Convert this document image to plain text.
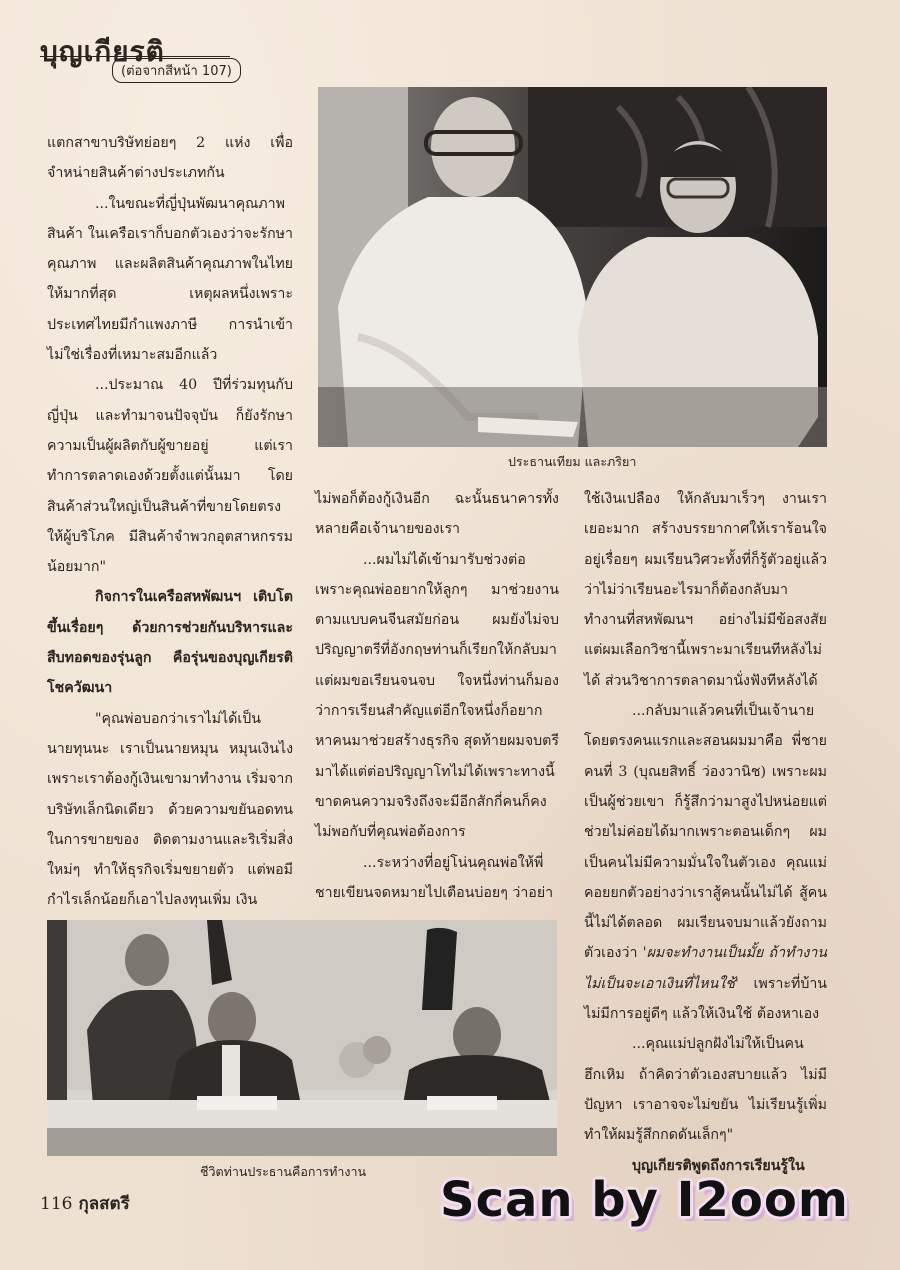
บุญเกียรติ
(ต่อจากสีหน้า 107)
ประธานเทียม และภริยา

แตกสาขาบริษัทย่อยๆ 2 แห่ง เพื่อจำหน่ายสินค้าต่างประเภทกัน

...ในขณะที่ญี่ปุ่นพัฒนาคุณภาพสินค้า ในเครือเราก็บอกตัวเองว่าจะรักษาคุณภาพ และผลิตสินค้าคุณภาพในไทยให้มากที่สุด เหตุผลหนึ่งเพราะประเทศไทยมีกำแพงภาษี การนำเข้าไม่ใช่เรื่องที่เหมาะสมอีกแล้ว

...ประมาณ 40 ปีที่ร่วมทุนกับญี่ปุ่น และทำมาจนปัจจุบัน ก็ยังรักษาความเป็นผู้ผลิตกับผู้ขายอยู่ แต่เราทำการตลาดเองด้วยตั้งแต่นั้นมา โดยสินค้าส่วนใหญ่เป็นสินค้าที่ขายโดยตรงให้ผู้บริโภค มีสินค้าจำพวกอุตสาหกรรมน้อยมาก"

กิจการในเครือสหพัฒนฯ เติบโตขึ้นเรื่อยๆ ด้วยการช่วยกันบริหารและสืบทอดของรุ่นลูก คือรุ่นของบุญเกียรติ โชควัฒนา

"คุณพ่อบอกว่าเราไม่ได้เป็นนายทุนนะ เราเป็นนายหมุน หมุนเงินไง เพราะเราต้องกู้เงินเขามาทำงาน เริ่มจากบริษัทเล็กนิดเดียว ด้วยความขยันอดทนในการขายของ ติดตามงานและริเริ่มสิ่งใหม่ๆ ทำให้ธุรกิจเริ่มขยายตัว แต่พอมีกำไรเล็กน้อยก็เอาไปลงทุนเพิ่ม เงิน

ไม่พอก็ต้องกู้เงินอีก ฉะนั้นธนาคารทั้งหลายคือเจ้านายของเรา

...ผมไม่ได้เข้ามารับช่วงต่อเพราะคุณพ่ออยากให้ลูกๆ มาช่วยงานตามแบบคนจีนสมัยก่อน ผมยังไม่จบปริญญาตรีที่อังกฤษท่านก็เรียกให้กลับมา แต่ผมขอเรียนจนจบ ใจหนึ่งท่านก็มองว่าการเรียนสำคัญแต่อีกใจหนึ่งก็อยากหาคนมาช่วยสร้างธุรกิจ สุดท้ายผมจบตรีมาได้แต่ต่อปริญญาโทไม่ได้เพราะทางนี้ขาดคนความจริงถึงจะมีอีกสักกี่คนก็คงไม่พอกับที่คุณพ่อต้องการ

...ระหว่างที่อยู่โน่นคุณพ่อให้พี่ชายเขียนจดหมายไปเตือนบ่อยๆ ว่าอย่า

ใช้เงินเปลือง ให้กลับมาเร็วๆ งานเราเยอะมาก สร้างบรรยากาศให้เราร้อนใจอยู่เรื่อยๆ ผมเรียนวิศวะทั้งที่ก็รู้ตัวอยู่แล้วว่าไม่ว่าเรียนอะไรมาก็ต้องกลับมาทำงานที่สหพัฒนฯ อย่างไม่มีข้อสงสัย แต่ผมเลือกวิชานี้เพราะมาเรียนทีหลังไม่ได้ ส่วนวิชาการตลาดมานั่งฟังทีหลังได้

...กลับมาแล้วคนที่เป็นเจ้านายโดยตรงคนแรกและสอนผมมาคือ พี่ชายคนที่ 3 (บุณยสิทธิ์ ว่องวานิช) เพราะผมเป็นผู้ช่วยเขา ก็รู้สึกว่ามาสูงไปหน่อยแต่ช่วยไม่ค่อยได้มากเพราะตอนเด็กๆ ผมเป็นคนไม่มีความมั่นใจในตัวเอง คุณแม่คอยยกตัวอย่างว่าเราสู้คนนั้นไม่ได้ สู้คนนี้ไม่ได้ตลอด ผมเรียนจบมาแล้วยังถามตัวเองว่า 'ผมจะทำงานเป็นมั้ย ถ้าทำงานไม่เป็นจะเอาเงินที่ไหนใช้' เพราะที่บ้านไม่มีการอยู่ดีๆ แล้วให้เงินใช้ ต้องหาเอง

...คุณแม่ปลูกฝังไม่ให้เป็นคนฮึกเหิม ถ้าคิดว่าตัวเองสบายแล้ว ไม่มีปัญหา เราอาจจะไม่ขยัน ไม่เรียนรู้เพิ่มทำให้ผมรู้สึกกดดันเล็กๆ"

บุญเกียรติพูดถึงการเรียนรู้ใน

ชีวิตท่านประธานคือการทำงาน
116 กุลสตรี	Scan by I2oom
